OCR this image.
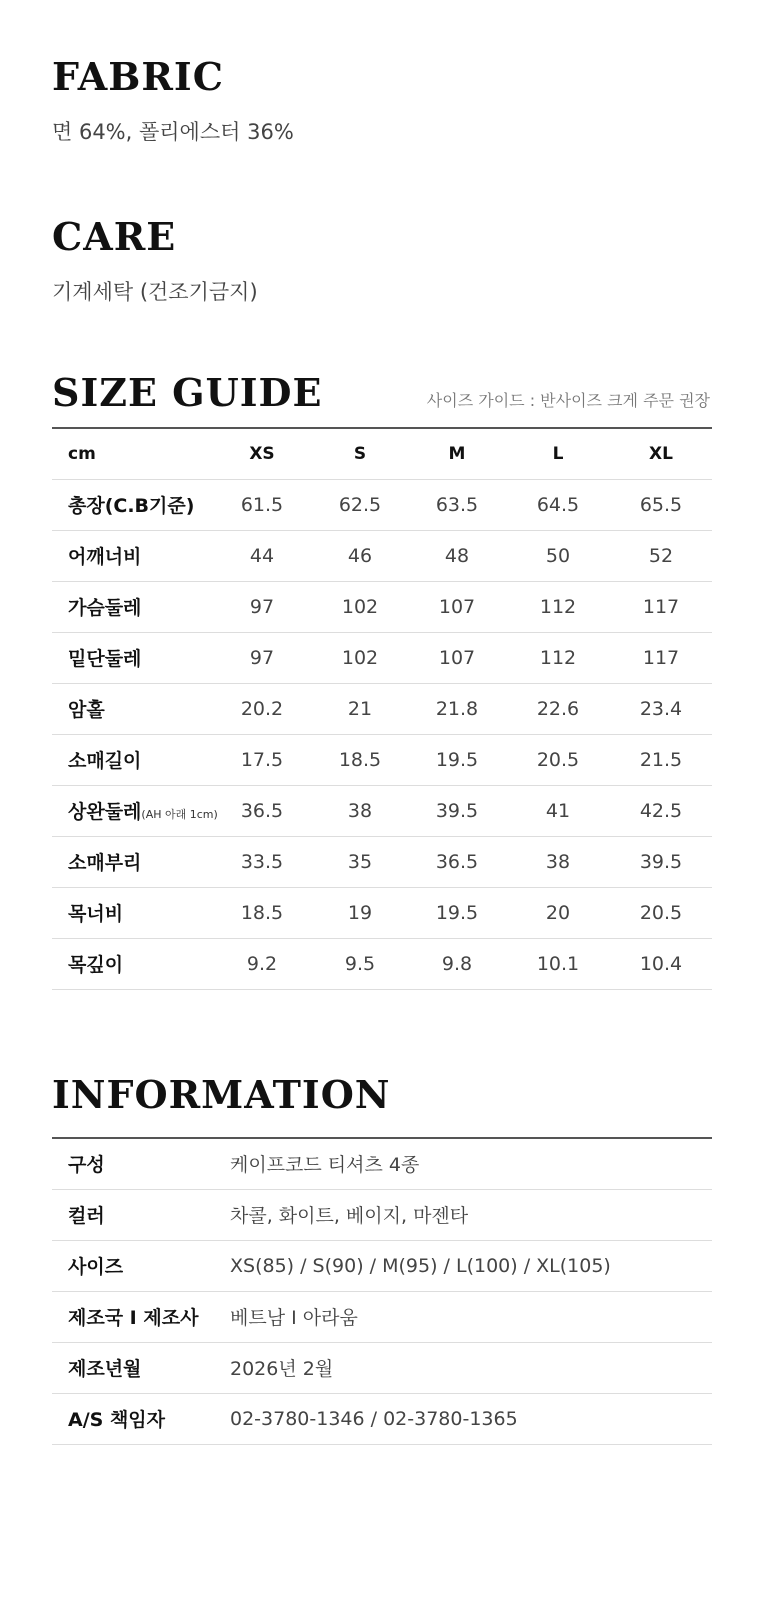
FABRIC

면 64%, 폴리에스터 36%

CARE

기계세탁 (건조기금지)

SIZE GUIDE	사이즈 가이드 : 반사이즈 크게 주문 권장
cm	XS	S	M	L	XL
총장(C.B기준)	61.5	62.5	63.5	64.5	65.5
어깨너비	44	46	48	50	52
가슴둘레	97	102	107	112	117
밑단둘레	97	102	107	112	117
암홀	20.2	21	21.8	22.6	23.4
소매길이	17.5	18.5	19.5	20.5	21.5
상완둘레(AH 아래 1cm)	36.5	38	39.5	41	42.5
소매부리	33.5	35	36.5	38	39.5
목너비	18.5	19	19.5	20	20.5
목깊이	9.2	9.5	9.8	10.1	10.4
INFORMATION
구성	케이프코드 티셔츠 4종
컬러	차콜, 화이트, 베이지, 마젠타
사이즈	XS(85) / S(90) / M(95) / L(100) / XL(105)
제조국 I 제조사	베트남 I 아라움
제조년월	2026년 2월
A/S 책임자	02-3780-1346 / 02-3780-1365
